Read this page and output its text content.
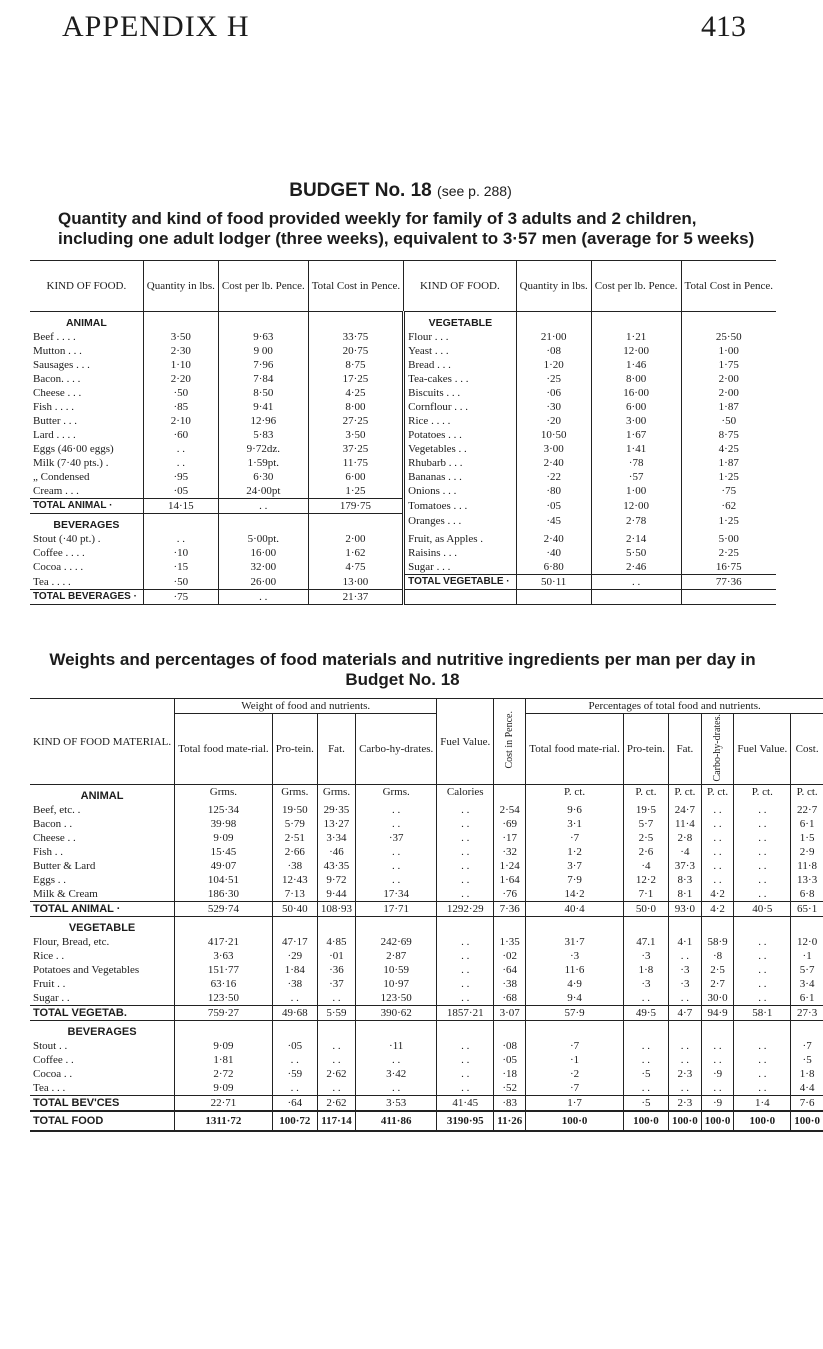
APPENDIX H	413
BUDGET No. 18 (see p. 288)
Quantity and kind of food provided weekly for family of 3 adults and 2 children, including one adult lodger (three weeks), equivalent to 3·57 men (average for 5 weeks)
KIND OF FOOD.	Quantity in lbs.	Cost per lb. Pence.	Total Cost in Pence.	KIND OF FOOD.	Quantity in lbs.	Cost per lb. Pence.	Total Cost in Pence.
ANIMAL				VEGETABLE			
Beef . . . .	3·50	9·63	33·75	Flour . . .	21·00	1·21	25·50
Mutton . . .	2·30	9 00	20·75	Yeast . . .	·08	12·00	1·00
Sausages . . .	1·10	7·96	8·75	Bread . . .	1·20	1·46	1·75
Bacon. . . .	2·20	7·84	17·25	Tea-cakes . . .	·25	8·00	2·00
Cheese . . .	·50	8·50	4·25	Biscuits . . .	·06	16·00	2·00
Fish . . . .	·85	9·41	8·00	Cornflour . . .	·30	6·00	1·87
Butter . . .	2·10	12·96	27·25	Rice . . . .	·20	3·00	·50
Lard . . . .	·60	5·83	3·50	Potatoes . . .	10·50	1·67	8·75
Eggs (46·00 eggs)	. .	9·72dz.	37·25	Vegetables . .	3·00	1·41	4·25
Milk (7·40 pts.) .	. .	1·59pt.	11·75	Rhubarb . . .	2·40	·78	1·87
„ Condensed	·95	6·30	6·00	Bananas . . .	·22	·57	1·25
Cream . . .	·05	24·00pt	1·25	Onions . . .	·80	1·00	·75
TOTAL ANIMAL ·	14·15	. .	179·75	Tomatoes . . .	·05	12·00	·62
BEVERAGES				Oranges . . .	·45	2·78	1·25
Stout (·40 pt.) .	. .	5·00pt.	2·00	Fruit, as Apples .	2·40	2·14	5·00
Coffee . . . .	·10	16·00	1·62	Raisins . . .	·40	5·50	2·25
Cocoa . . . .	·15	32·00	4·75	Sugar . . .	6·80	2·46	16·75
Tea . . . .	·50	26·00	13·00	TOTAL VEGETABLE ·	50·11	. .	77·36
TOTAL BEVERAGES ·	·75	. .	21·37				
Weights and percentages of food materials and nutritive ingredients per man per day in Budget No. 18
KIND OF FOOD MATERIAL.	Weight of food and nutrients.				Fuel Value.	Cost in Pence.	Percentages of total food and nutrients.					
	Total food mate-rial.	Pro-tein.	Fat.	Carbo-hy-drates.			Total food mate-rial.	Pro-tein.	Fat.	Carbo-hy-drates.	Fuel Value.	Cost.
ANIMAL	Grms.	Grms.	Grms.	Grms.	Calories		P. ct.	P. ct.	P. ct.	P. ct.	P. ct.	P. ct.
Beef, etc. .	125·34	19·50	29·35	. .	. .	2·54	9·6	19·5	24·7	. .	. .	22·7
Bacon . .	39·98	5·79	13·27	. .	. .	·69	3·1	5·7	11·4	. .	. .	6·1
Cheese . .	9·09	2·51	3·34	·37	. .	·17	·7	2·5	2·8	. .	. .	1·5
Fish . .	15·45	2·66	·46	. .	. .	·32	1·2	2·6	·4	. .	. .	2·9
Butter & Lard	49·07	·38	43·35	. .	. .	1·24	3·7	·4	37·3	. .	. .	11·8
Eggs . .	104·51	12·43	9·72	. .	. .	1·64	7·9	12·2	8·3	. .	. .	13·3
Milk & Cream	186·30	7·13	9·44	17·34	. .	·76	14·2	7·1	8·1	4·2	. .	6·8
TOTAL ANIMAL ·	529·74	50·40	108·93	17·71	1292·29	7·36	40·4	50·0	93·0	4·2	40·5	65·1
VEGETABLE												
Flour, Bread, etc.	417·21	47·17	4·85	242·69	. .	1·35	31·7	47.1	4·1	58·9	. .	12·0
Rice . .	3·63	·29	·01	2·87	. .	·02	·3	·3	. .	·8	. .	·1
Potatoes and Vegetables	151·77	1·84	·36	10·59	. .	·64	11·6	1·8	·3	2·5	. .	5·7
Fruit . .	63·16	·38	·37	10·97	. .	·38	4·9	·3	·3	2·7	. .	3·4
Sugar . .	123·50	. .	. .	123·50	. .	·68	9·4	. .	. .	30·0	. .	6·1
TOTAL VEGETAB.	759·27	49·68	5·59	390·62	1857·21	3·07	57·9	49·5	4·7	94·9	58·1	27·3
BEVERAGES												
Stout . .	9·09	·05	. .	·11	. .	·08	·7	. .	. .	. .	. .	·7
Coffee . .	1·81	. .	. .	. .	. .	·05	·1	. .	. .	. .	. .	·5
Cocoa . .	2·72	·59	2·62	3·42	. .	·18	·2	·5	2·3	·9	. .	1·8
Tea . . .	9·09	. .	. .	. .	. .	·52	·7	. .	. .	. .	. .	4·4
TOTAL BEV'CES	22·71	·64	2·62	3·53	41·45	·83	1·7	·5	2·3	·9	1·4	7·6
TOTAL FOOD	1311·72	100·72	117·14	411·86	3190·95	11·26	100·0	100·0	100·0	100·0	100·0	100·0
